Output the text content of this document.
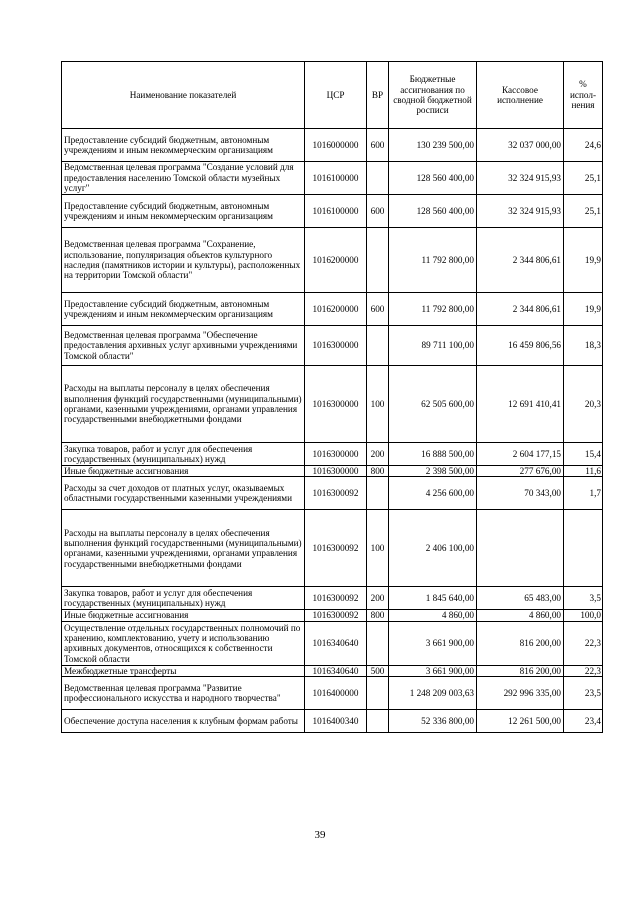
Наименование показателей	ЦСР	ВР	Бюджетные ассигнования по сводной бюджетной росписи	Кассовое исполнение	% испол-нения
Предоставление субсидий бюджетным, автономным учреждениям и иным некоммерческим организациям	1016000000	600	130 239 500,00	32 037 000,00	24,6
Ведомственная целевая программа "Создание условий для предоставления населению Томской области музейных услуг"	1016100000		128 560 400,00	32 324 915,93	25,1
Предоставление субсидий бюджетным, автономным учреждениям и иным некоммерческим организациям	1016100000	600	128 560 400,00	32 324 915,93	25,1
Ведомственная целевая программа "Сохранение, использование, популяризация объектов культурного наследия (памятников истории и культуры), расположенных на территории Томской области"	1016200000		11 792 800,00	2 344 806,61	19,9
Предоставление субсидий бюджетным, автономным учреждениям и иным некоммерческим организациям	1016200000	600	11 792 800,00	2 344 806,61	19,9
Ведомственная целевая программа "Обеспечение предоставления архивных услуг архивными учреждениями Томской области"	1016300000		89 711 100,00	16 459 806,56	18,3
Расходы на выплаты персоналу в целях обеспечения выполнения функций государственными (муниципальными) органами, казенными учреждениями, органами управления государственными внебюджетными фондами	1016300000	100	62 505 600,00	12 691 410,41	20,3
Закупка товаров, работ и услуг для обеспечения государственных (муниципальных) нужд	1016300000	200	16 888 500,00	2 604 177,15	15,4
Иные бюджетные ассигнования	1016300000	800	2 398 500,00	277 676,00	11,6
Расходы за счет доходов от платных услуг, оказываемых областными государственными казенными учреждениями	1016300092		4 256 600,00	70 343,00	1,7
Расходы на выплаты персоналу в целях обеспечения выполнения функций государственными (муниципальными) органами, казенными учреждениями, органами управления государственными внебюджетными фондами	1016300092	100	2 406 100,00		
Закупка товаров, работ и услуг для обеспечения государственных (муниципальных) нужд	1016300092	200	1 845 640,00	65 483,00	3,5
Иные бюджетные ассигнования	1016300092	800	4 860,00	4 860,00	100,0
Осуществление отдельных государственных полномочий по хранению, комплектованию, учету и использованию архивных документов, относящихся к собственности Томской области	1016340640		3 661 900,00	816 200,00	22,3
Межбюджетные трансферты	1016340640	500	3 661 900,00	816 200,00	22,3
Ведомственная целевая программа "Развитие профессионального искусства и народного творчества"	1016400000		1 248 209 003,63	292 996 335,00	23,5
Обеспечение доступа населения к клубным формам работы	1016400340		52 336 800,00	12 261 500,00	23,4
39
